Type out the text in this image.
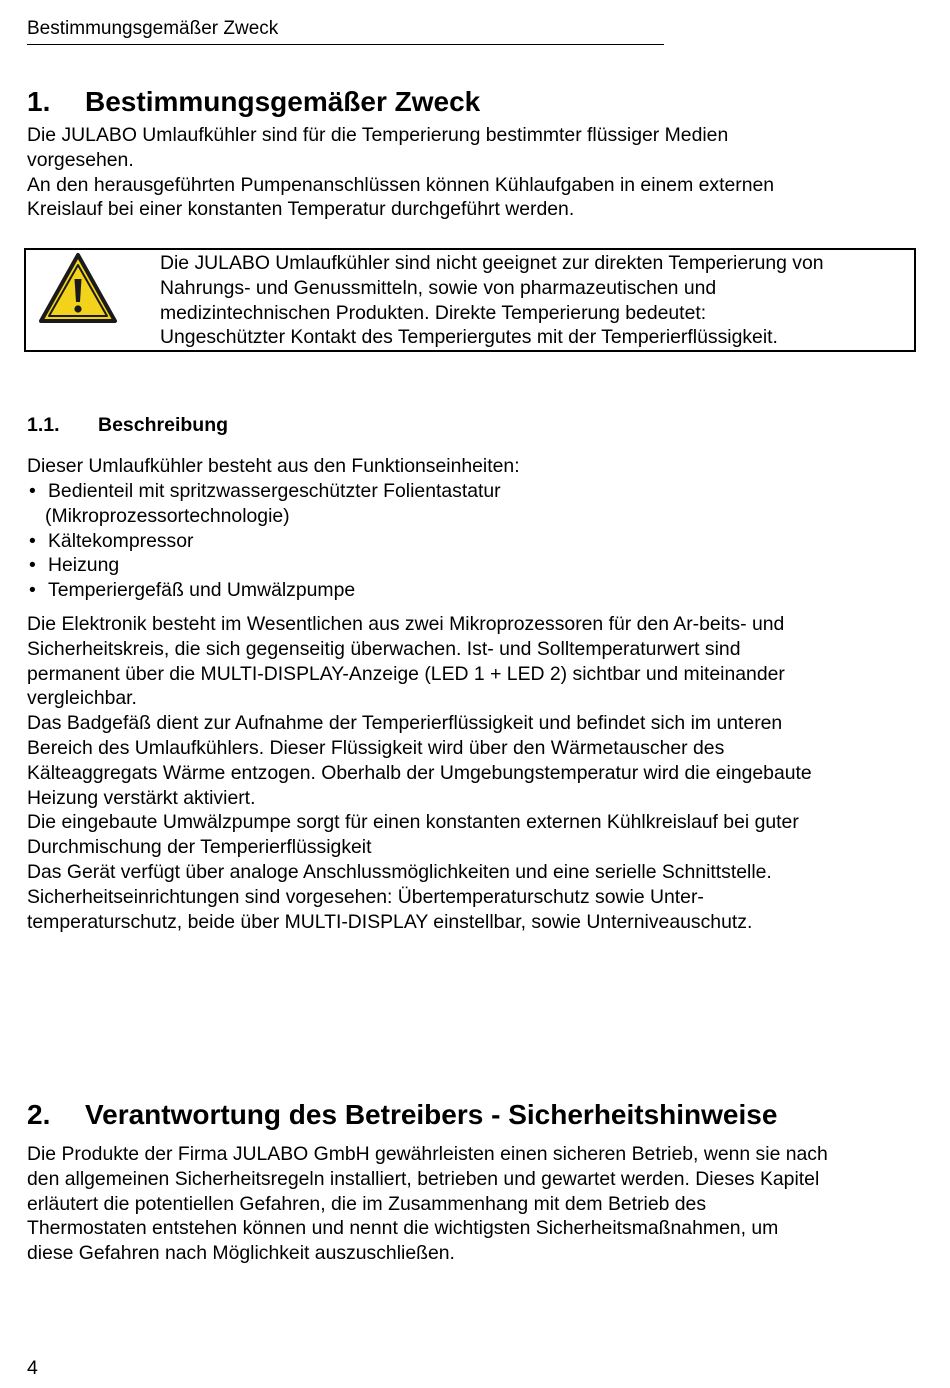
Bestimmungsgemäßer Zweck
1. Bestimmungsgemäßer Zweck
Die JULABO Umlaufkühler sind für die Temperierung bestimmter flüssiger Medien
vorgesehen.
An den herausgeführten Pumpenanschlüssen können Kühlaufgaben in einem externen
Kreislauf bei einer konstanten Temperatur durchgeführt werden.
Die JULABO Umlaufkühler sind nicht geeignet zur direkten Temperierung von
Nahrungs- und Genussmitteln, sowie von pharmazeutischen und
medizintechnischen Produkten. Direkte Temperierung bedeutet:
Ungeschützter Kontakt des Temperiergutes mit der Temperierflüssigkeit.
1.1. Beschreibung
Dieser Umlaufkühler besteht aus den Funktionseinheiten:
• Bedienteil mit spritzwassergeschützter Folientastatur
(Mikroprozessortechnologie)
• Kältekompressor
• Heizung
• Temperiergefäß und Umwälzpumpe
Die Elektronik besteht im Wesentlichen aus zwei Mikroprozessoren für den Ar-beits- und
Sicherheitskreis, die sich gegenseitig überwachen. Ist- und Solltemperaturwert sind
permanent über die MULTI-DISPLAY-Anzeige (LED 1 + LED 2) sichtbar und miteinander
vergleichbar.
Das Badgefäß dient zur Aufnahme der Temperierflüssigkeit und befindet sich im unteren
Bereich des Umlaufkühlers. Dieser Flüssigkeit wird über den Wärmetauscher des
Kälteaggregats Wärme entzogen. Oberhalb der Umgebungstemperatur wird die eingebaute
Heizung verstärkt aktiviert.
Die eingebaute Umwälzpumpe sorgt für einen konstanten externen Kühlkreislauf bei guter
Durchmischung der Temperierflüssigkeit
Das Gerät verfügt über analoge Anschlussmöglichkeiten und eine serielle Schnittstelle.
Sicherheitseinrichtungen sind vorgesehen: Übertemperaturschutz sowie Unter-
temperaturschutz, beide über MULTI-DISPLAY einstellbar, sowie Unterniveauschutz.
2. Verantwortung des Betreibers - Sicherheitshinweise
Die Produkte der Firma JULABO GmbH gewährleisten einen sicheren Betrieb, wenn sie nach
den allgemeinen Sicherheitsregeln installiert, betrieben und gewartet werden. Dieses Kapitel
erläutert die potentiellen Gefahren, die im Zusammenhang mit dem Betrieb des
Thermostaten entstehen können und nennt die wichtigsten Sicherheitsmaßnahmen, um
diese Gefahren nach Möglichkeit auszuschließen.
4
